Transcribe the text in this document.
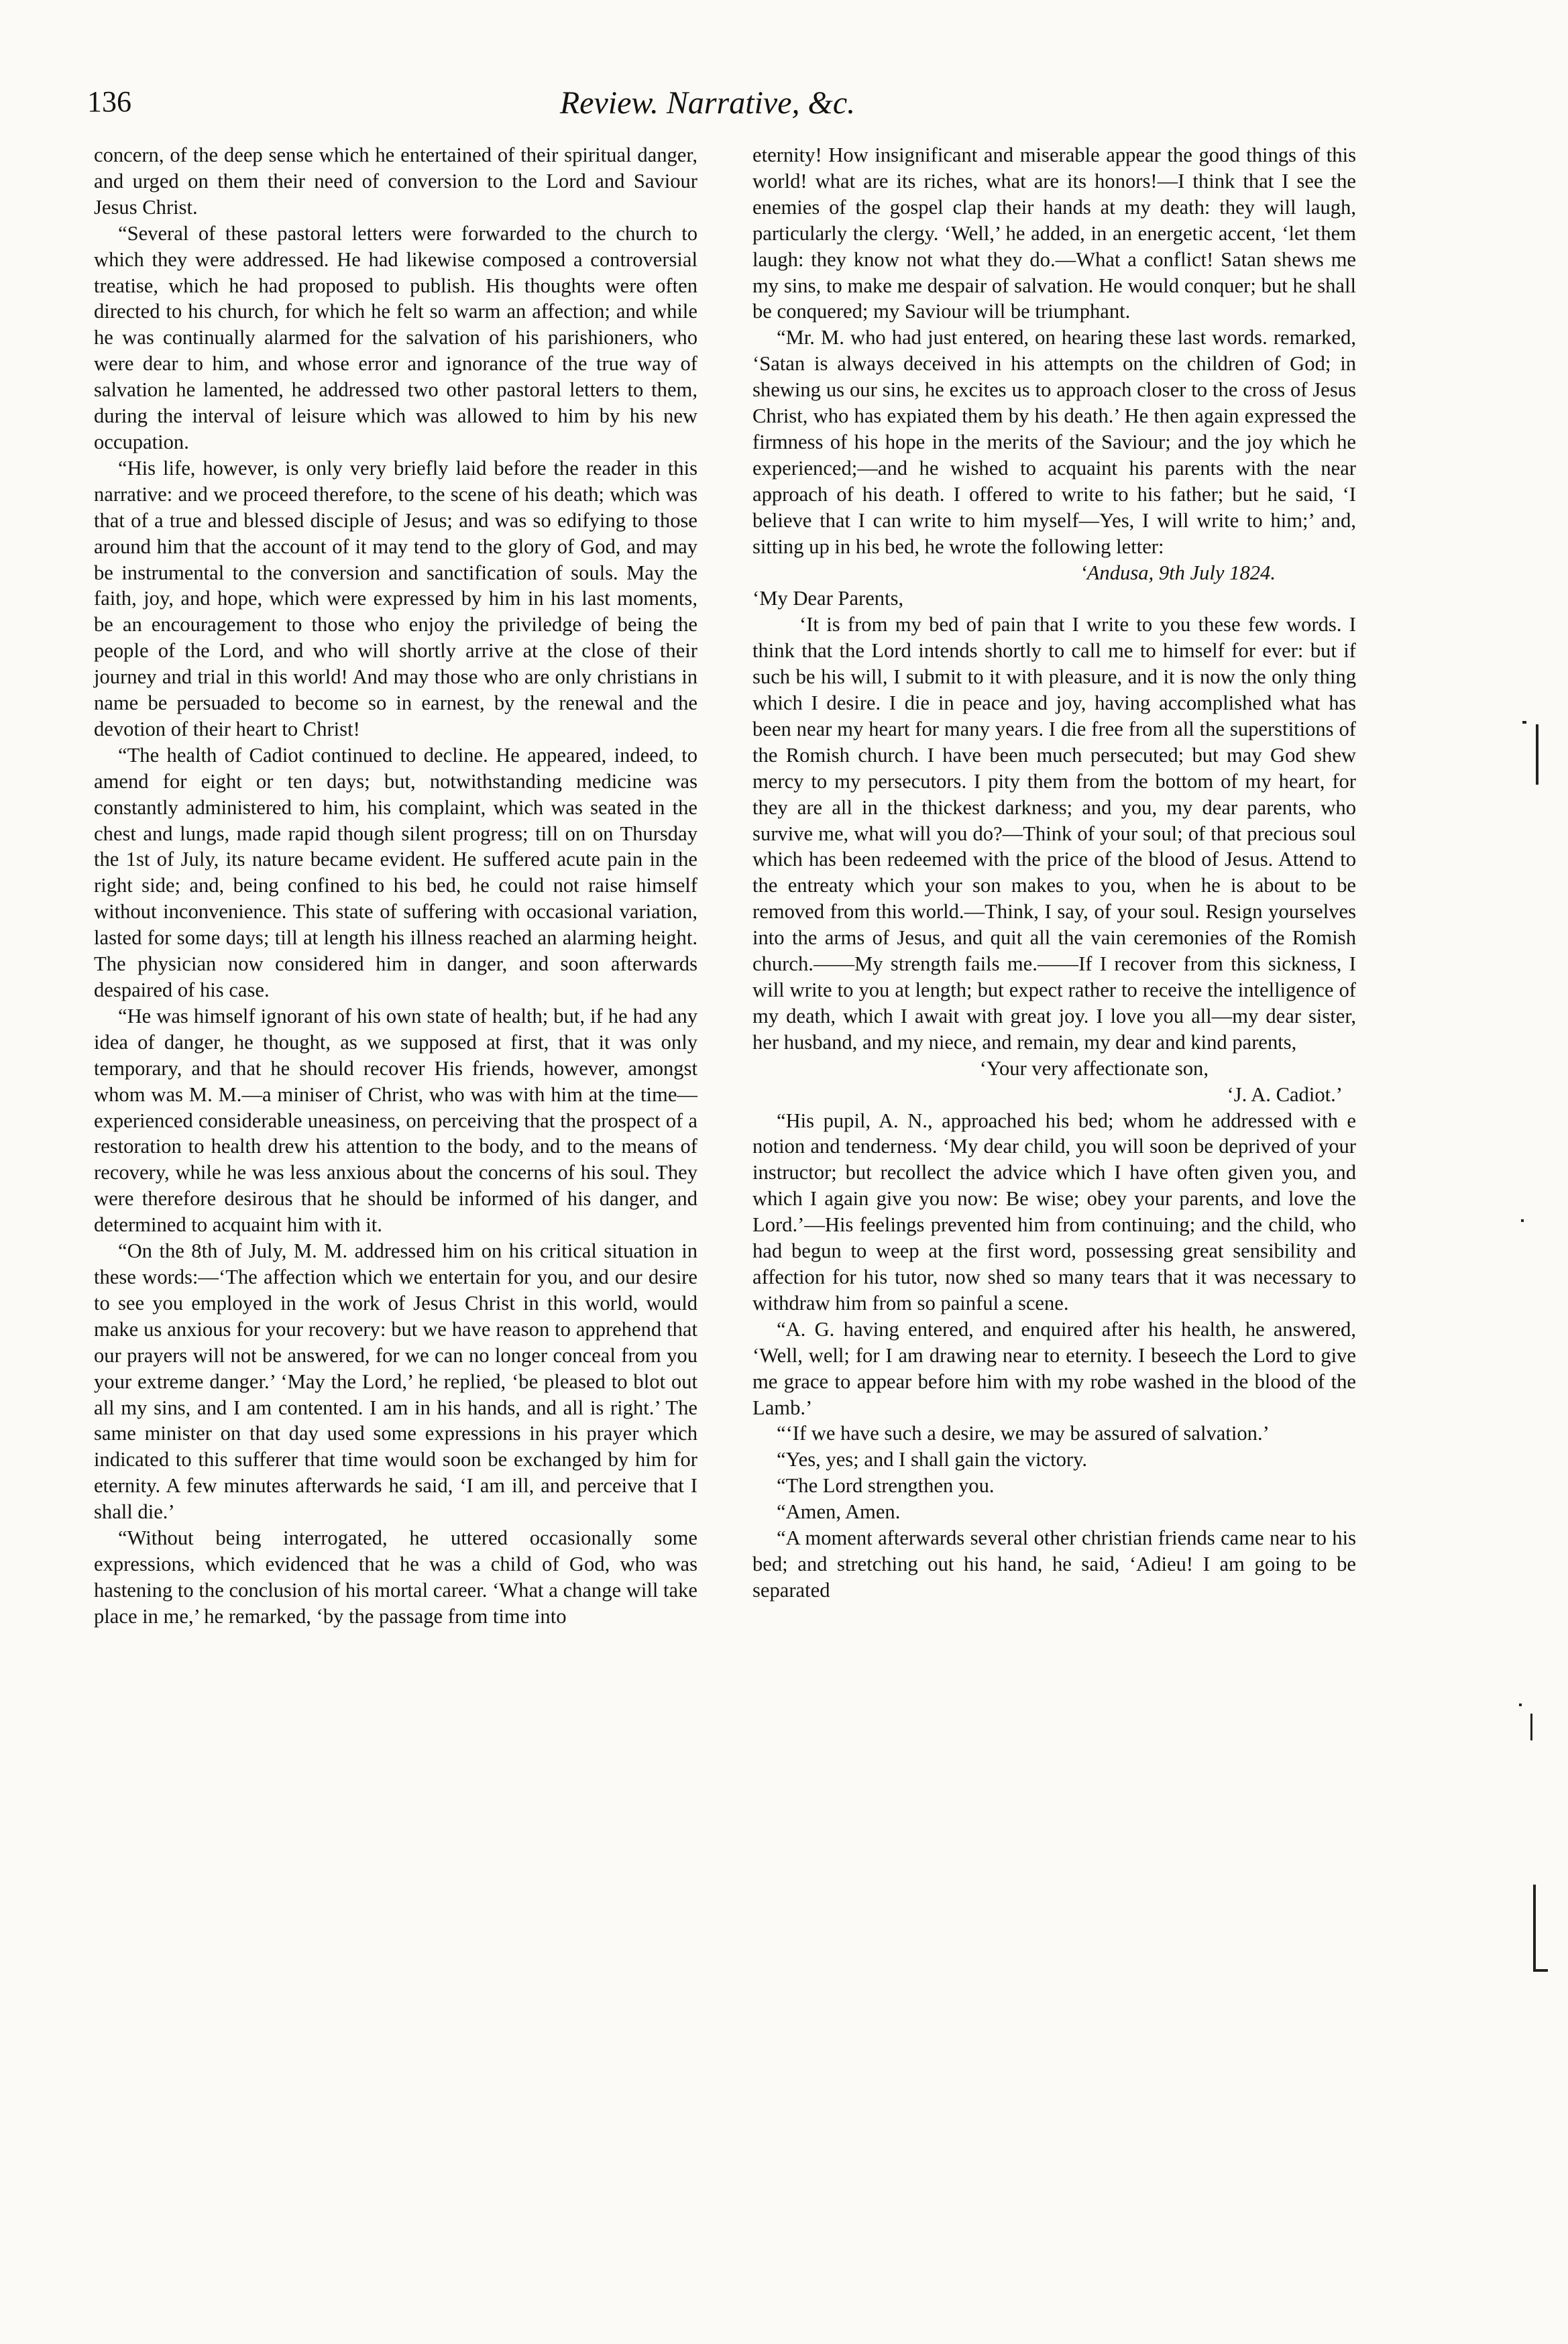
136	Review. Narrative, &c.

concern, of the deep sense which he entertained of their spiritual danger, and urged on them their need of conversion to the Lord and Saviour Jesus Christ.

“Several of these pastoral letters were forwarded to the church to which they were addressed. He had likewise composed a controversial treatise, which he had proposed to publish. His thoughts were often directed to his church, for which he felt so warm an affection; and while he was continually alarmed for the salvation of his parishioners, who were dear to him, and whose error and ignorance of the true way of salvation he lamented, he addressed two other pastoral letters to them, during the interval of leisure which was allowed to him by his new occupation.

“His life, however, is only very briefly laid before the reader in this narrative: and we proceed therefore, to the scene of his death; which was that of a true and blessed disciple of Jesus; and was so edifying to those around him that the account of it may tend to the glory of God, and may be instrumental to the conversion and sanctification of souls. May the faith, joy, and hope, which were expressed by him in his last moments, be an encouragement to those who enjoy the priviledge of being the people of the Lord, and who will shortly arrive at the close of their journey and trial in this world! And may those who are only christians in name be persuaded to become so in earnest, by the renewal and the devotion of their heart to Christ!

“The health of Cadiot continued to decline. He appeared, indeed, to amend for eight or ten days; but, notwithstanding medicine was constantly administered to him, his complaint, which was seated in the chest and lungs, made rapid though silent progress; till on on Thursday the 1st of July, its nature became evident. He suffered acute pain in the right side; and, being confined to his bed, he could not raise himself without inconvenience. This state of suffering with occasional variation, lasted for some days; till at length his illness reached an alarming height. The physician now considered him in danger, and soon afterwards despaired of his case.

“He was himself ignorant of his own state of health; but, if he had any idea of danger, he thought, as we supposed at first, that it was only temporary, and that he should recover His friends, however, amongst whom was M. M.—a miniser of Christ, who was with him at the time—experienced considerable uneasiness, on perceiving that the prospect of a restoration to health drew his attention to the body, and to the means of recovery, while he was less anxious about the concerns of his soul. They were therefore desirous that he should be informed of his danger, and determined to acquaint him with it.

“On the 8th of July, M. M. addressed him on his critical situation in these words:—‘The affection which we entertain for you, and our desire to see you employed in the work of Jesus Christ in this world, would make us anxious for your recovery: but we have reason to apprehend that our prayers will not be answered, for we can no longer conceal from you your extreme danger.’ ‘May the Lord,’ he replied, ‘be pleased to blot out all my sins, and I am contented. I am in his hands, and all is right.’ The same minister on that day used some expressions in his prayer which indicated to this sufferer that time would soon be exchanged by him for eternity. A few minutes afterwards he said, ‘I am ill, and perceive that I shall die.’

“Without being interrogated, he uttered occasionally some expressions, which evidenced that he was a child of God, who was hastening to the conclusion of his mortal career. ‘What a change will take place in me,’ he remarked, ‘by the passage from time into

eternity! How insignificant and miserable appear the good things of this world! what are its riches, what are its honors!—I think that I see the enemies of the gospel clap their hands at my death: they will laugh, particularly the clergy. ‘Well,’ he added, in an energetic accent, ‘let them laugh: they know not what they do.—What a conflict! Satan shews me my sins, to make me despair of salvation. He would conquer; but he shall be conquered; my Saviour will be triumphant.

“Mr. M. who had just entered, on hearing these last words. remarked, ‘Satan is always deceived in his attempts on the children of God; in shewing us our sins, he excites us to approach closer to the cross of Jesus Christ, who has expiated them by his death.’ He then again expressed the firmness of his hope in the merits of the Saviour; and the joy which he experienced;—and he wished to acquaint his parents with the near approach of his death. I offered to write to his father; but he said, ‘I believe that I can write to him myself—Yes, I will write to him;’ and, sitting up in his bed, he wrote the following letter:

‘Andusa, 9th July 1824.

‘My Dear Parents,

‘It is from my bed of pain that I write to you these few words. I think that the Lord intends shortly to call me to himself for ever: but if such be his will, I submit to it with pleasure, and it is now the only thing which I desire. I die in peace and joy, having accomplished what has been near my heart for many years. I die free from all the superstitions of the Romish church. I have been much persecuted; but may God shew mercy to my persecutors. I pity them from the bottom of my heart, for they are all in the thickest darkness; and you, my dear parents, who survive me, what will you do?—Think of your soul; of that precious soul which has been redeemed with the price of the blood of Jesus. Attend to the entreaty which your son makes to you, when he is about to be removed from this world.—Think, I say, of your soul. Resign yourselves into the arms of Jesus, and quit all the vain ceremonies of the Romish church.——My strength fails me.——If I recover from this sickness, I will write to you at length; but expect rather to receive the intelligence of my death, which I await with great joy. I love you all—my dear sister, her husband, and my niece, and remain, my dear and kind parents,

‘Your very affectionate son,

‘J. A. Cadiot.’

“His pupil, A. N., approached his bed; whom he addressed with e notion and tenderness. ‘My dear child, you will soon be deprived of your instructor; but recollect the advice which I have often given you, and which I again give you now: Be wise; obey your parents, and love the Lord.’—His feelings prevented him from continuing; and the child, who had begun to weep at the first word, possessing great sensibility and affection for his tutor, now shed so many tears that it was necessary to withdraw him from so painful a scene.

“A. G. having entered, and enquired after his health, he answered, ‘Well, well; for I am drawing near to eternity. I beseech the Lord to give me grace to appear before him with my robe washed in the blood of the Lamb.’

“‘If we have such a desire, we may be assured of salvation.’

“Yes, yes; and I shall gain the victory.

“The Lord strengthen you.

“Amen, Amen.

“A moment afterwards several other christian friends came near to his bed; and stretching out his hand, he said, ‘Adieu! I am going to be separated
